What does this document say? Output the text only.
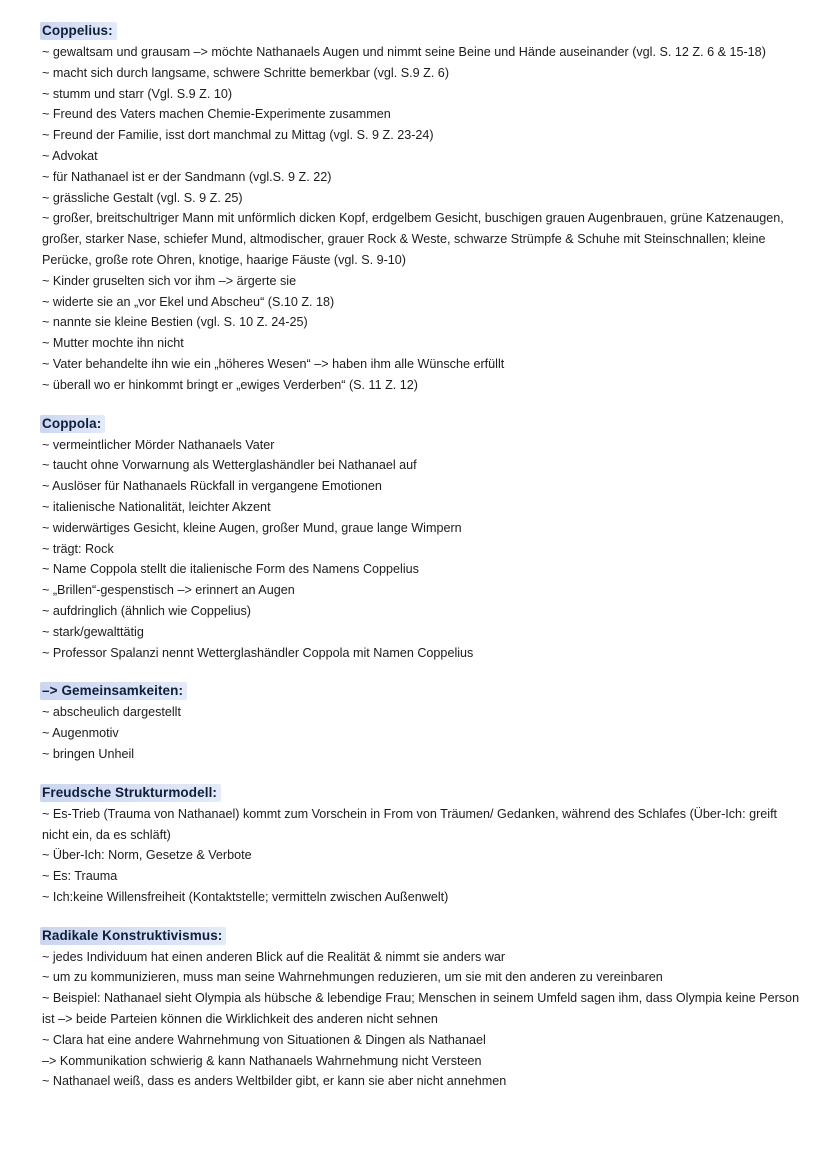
Coppelius:
~ gewaltsam und grausam –> möchte Nathanaels Augen und nimmt seine Beine und Hände auseinander (vgl. S. 12 Z. 6 & 15-18)
~ macht sich durch langsame, schwere Schritte bemerkbar (vgl. S.9 Z. 6)
~ stumm und starr (Vgl. S.9 Z. 10)
~ Freund des Vaters machen Chemie-Experimente zusammen
~ Freund der Familie, isst dort manchmal zu Mittag (vgl. S. 9 Z. 23-24)
~ Advokat
~ für Nathanael ist er der Sandmann (vgl.S. 9 Z. 22)
~ grässliche Gestalt (vgl. S. 9 Z. 25)
~ großer, breitschultriger Mann mit unförmlich dicken Kopf, erdgelbem Gesicht, buschigen grauen Augenbrauen, grüne Katzenaugen, großer, starker Nase, schiefer Mund, altmodischer, grauer Rock & Weste, schwarze Strümpfe & Schuhe mit Steinschnallen; kleine Perücke, große rote Ohren, knotige, haarige Fäuste (vgl. S. 9-10)
~ Kinder gruselten sich vor ihm –> ärgerte sie
~ widerte sie an „vor Ekel und Abscheu“ (S.10 Z. 18)
~ nannte sie kleine Bestien (vgl. S. 10 Z. 24-25)
~ Mutter mochte ihn nicht
~ Vater behandelte ihn wie ein „höheres Wesen“ –> haben ihm alle Wünsche erfüllt
~ überall wo er hinkommt bringt er „ewiges Verderben“ (S. 11 Z. 12)
Coppola:
~ vermeintlicher Mörder Nathanaels Vater
~ taucht ohne Vorwarnung als Wetterglashändler bei Nathanael auf
~ Auslöser für Nathanaels Rückfall in vergangene Emotionen
~ italienische Nationalität, leichter Akzent
~ widerwärtiges Gesicht, kleine Augen, großer Mund, graue lange Wimpern
~ trägt: Rock
~ Name Coppola stellt die italienische Form des Namens Coppelius
~ „Brillen“-gespenstisch –> erinnert an Augen
~ aufdringlich (ähnlich wie Coppelius)
~ stark/gewalttätig
~ Professor Spalanzi nennt Wetterglashändler Coppola mit Namen Coppelius
–> Gemeinsamkeiten:
~ abscheulich dargestellt
~ Augenmotiv
~ bringen Unheil
Freudsche Strukturmodell:
~ Es-Trieb (Trauma von Nathanael) kommt zum Vorschein in From von Träumen/ Gedanken, während des Schlafes (Über-Ich: greift nicht ein, da es schläft)
~ Über-Ich: Norm, Gesetze & Verbote
~ Es: Trauma
~ Ich:keine Willensfreiheit (Kontaktstelle; vermitteln zwischen Außenwelt)
Radikale Konstruktivismus:
~ jedes Individuum hat einen anderen Blick auf die Realität & nimmt sie anders war
~ um zu kommunizieren, muss man seine Wahrnehmungen reduzieren, um sie mit den anderen zu vereinbaren
~ Beispiel: Nathanael sieht Olympia als hübsche & lebendige Frau; Menschen in seinem Umfeld sagen ihm, dass Olympia keine Person ist –> beide Parteien können die Wirklichkeit des anderen nicht sehnen
~ Clara hat eine andere Wahrnehmung von Situationen & Dingen als Nathanael
–> Kommunikation schwierig & kann Nathanaels Wahrnehmung nicht Versteen
~ Nathanael weiß, dass es anders Weltbilder gibt, er kann sie aber nicht annehmen
